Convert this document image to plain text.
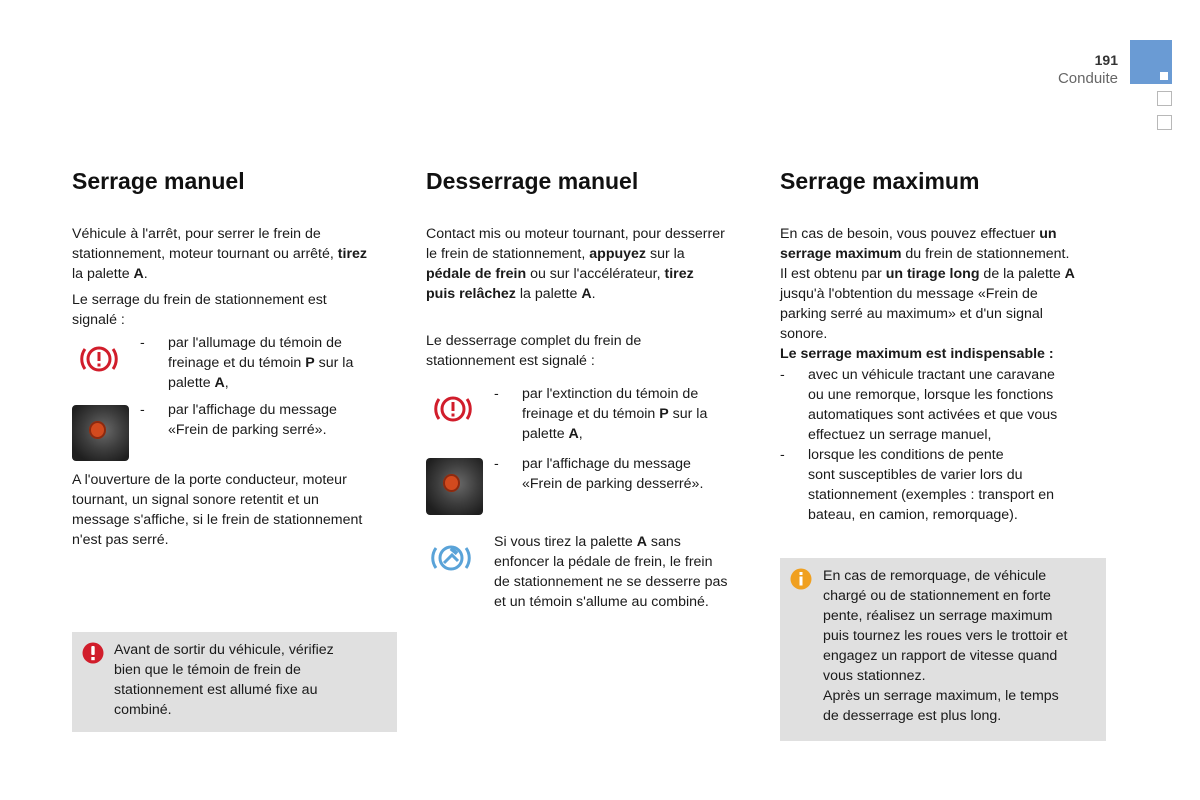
191
Conduite
Serrage manuel
Véhicule à l'arrêt, pour serrer le frein de
stationnement, moteur tournant ou arrêté, tirez
la palette A.
Le serrage du frein de stationnement est
signalé :
- par l'allumage du témoin de
freinage et du témoin P sur la
palette A,
- par l'affichage du message
«Frein de parking serré».
A l'ouverture de la porte conducteur, moteur
tournant, un signal sonore retentit et un
message s'affiche, si le frein de stationnement
n'est pas serré.
Avant de sortir du véhicule, vérifiez
bien que le témoin de frein de
stationnement est allumé fixe au
combiné.
Desserrage manuel
Contact mis ou moteur tournant, pour desserrer
le frein de stationnement, appuyez sur la
pédale de frein ou sur l'accélérateur, tirez
puis relâchez la palette A.
Le desserrage complet du frein de
stationnement est signalé :
- par l'extinction du témoin de
freinage et du témoin P sur la
palette A,
- par l'affichage du message
«Frein de parking desserré».
Si vous tirez la palette A sans
enfoncer la pédale de frein, le frein
de stationnement ne se desserre pas
et un témoin s'allume au combiné.
Serrage maximum
En cas de besoin, vous pouvez effectuer un
serrage maximum du frein de stationnement.
Il est obtenu par un tirage long de la palette A
jusqu'à l'obtention du message «Frein de
parking serré au maximum» et d'un signal
sonore.
Le serrage maximum est indispensable :
- avec un véhicule tractant une caravane
ou une remorque, lorsque les fonctions
automatiques sont activées et que vous
effectuez un serrage manuel,
- lorsque les conditions de pente
sont susceptibles de varier lors du
stationnement (exemples : transport en
bateau, en camion, remorquage).
En cas de remorquage, de véhicule
chargé ou de stationnement en forte
pente, réalisez un serrage maximum
puis tournez les roues vers le trottoir et
engagez un rapport de vitesse quand
vous stationnez.
Après un serrage maximum, le temps
de desserrage est plus long.
